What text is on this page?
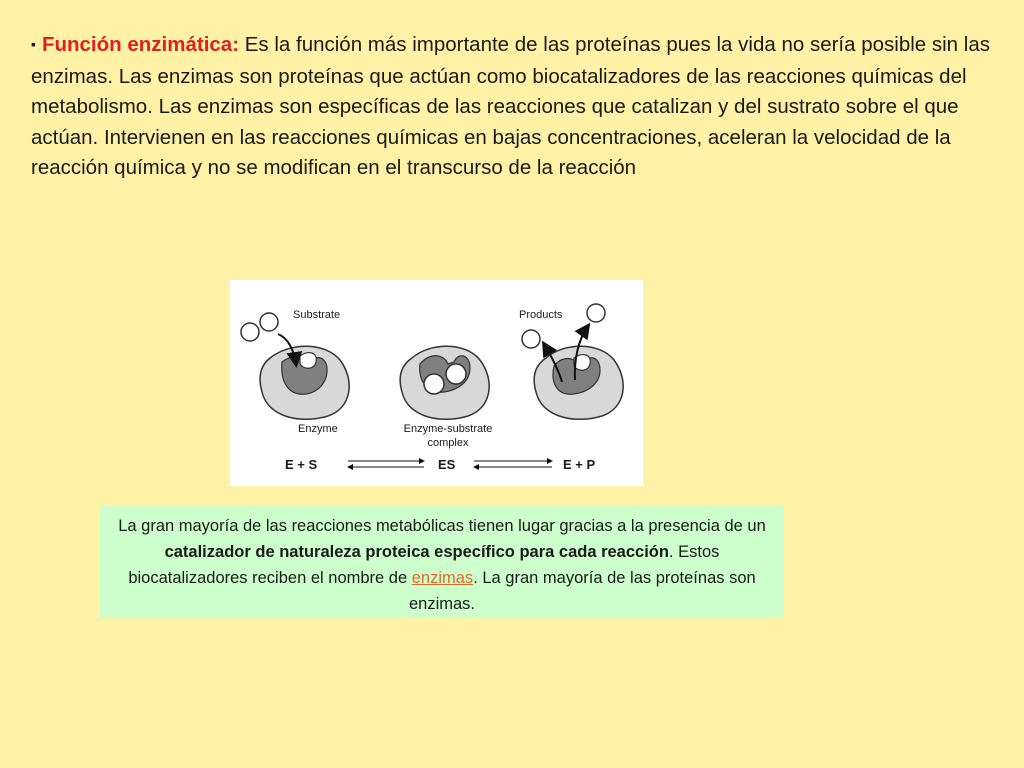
▪ Función enzimática: Es la función más importante de las proteínas pues la vida no sería posible sin las enzimas. Las enzimas son proteínas que actúan como biocatalizadores de las reacciones químicas del metabolismo. Las enzimas son específicas de las reacciones que catalizan y del sustrato sobre el que actúan. Intervienen en las reacciones químicas en bajas concentraciones, aceleran la velocidad de la reacción química y no se modifican en el transcurso de la reacción

Substrate
Enzyme	Enzyme-substrate
complex
Products
E + S	ES	E + P
La gran mayoría de las reacciones metabólicas tienen lugar gracias a la presencia de un catalizador de naturaleza proteica específico para cada reacción. Estos biocatalizadores reciben el nombre de enzimas. La gran mayoría de las proteínas son enzimas.
